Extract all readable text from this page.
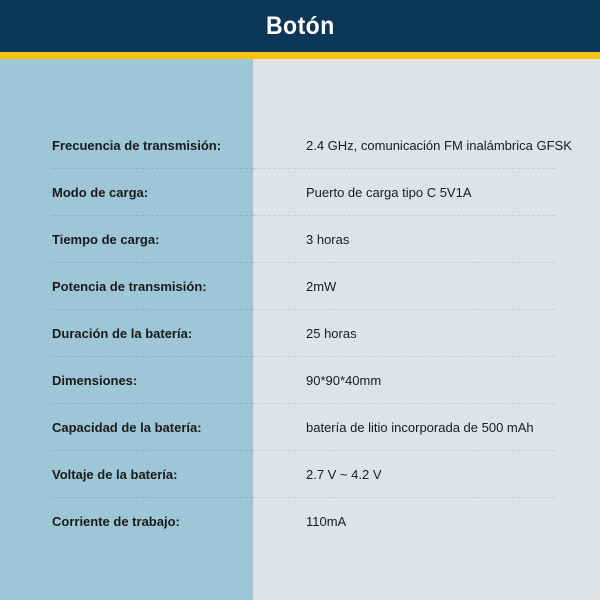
Botón
Frecuencia de transmisión:	2.4 GHz, comunicación FM inalámbrica GFSK
Modo de carga:	Puerto de carga tipo C 5V1A
Tiempo de carga:	3 horas
Potencia de transmisión:	2mW
Duración de la batería:	25 horas
Dimensiones:	90*90*40mm
Capacidad de la batería:	batería de litio incorporada de 500 mAh
Voltaje de la batería:	2.7 V ~ 4.2 V
Corriente de trabajo:	110mA
